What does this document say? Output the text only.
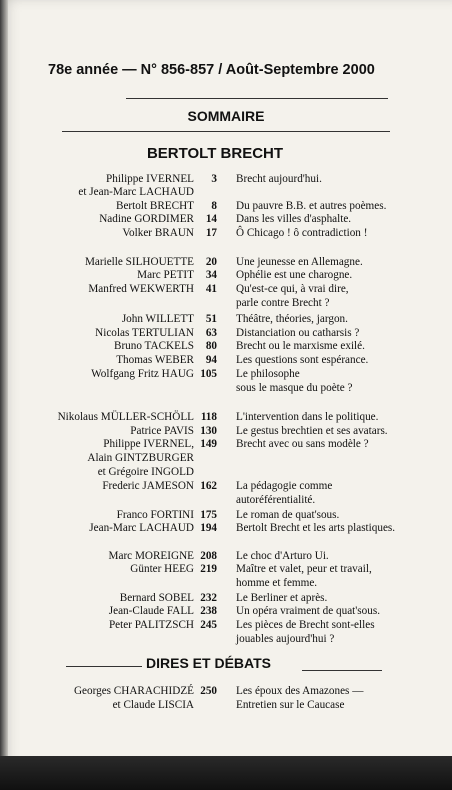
78e année — N° 856-857 / Août-Septembre 2000
SOMMAIRE
BERTOLT BRECHT
Philippe IVERNEL	3 Brecht aujourd'hui.
et Jean-Marc LACHAUD
Bertolt BRECHT	8 Du pauvre B.B. et autres poèmes.
Nadine GORDIMER	14 Dans les villes d'asphalte.
Volker BRAUN	17 Ô Chicago ! ô contradiction !
Marielle SILHOUETTE	20 Une jeunesse en Allemagne.
Marc PETIT	34 Ophélie est une charogne.
Manfred WEKWERTH	41 Qu'est-ce qui, à vrai dire,
parle contre Brecht ?
John WILLETT	51 Théâtre, théories, jargon.
Nicolas TERTULIAN	63 Distanciation ou catharsis ?
Bruno TACKELS	80 Brecht ou le marxisme exilé.
Thomas WEBER	94 Les questions sont espérance.
Wolfgang Fritz HAUG 105 Le philosophe
sous le masque du poète ?
Nikolaus MÜLLER-SCHÖLL 118 L'intervention dans le politique.
Patrice PAVIS 130 Le gestus brechtien et ses avatars.
Philippe IVERNEL, 149 Brecht avec ou sans modèle ?
Alain GINTZBURGER
et Grégoire INGOLD
Frederic JAMESON 162 La pédagogie comme
autoréférentialité.
Franco FORTINI 175 Le roman de quat'sous.
Jean-Marc LACHAUD 194 Bertolt Brecht et les arts plastiques.
Marc MOREIGNE 208 Le choc d'Arturo Ui.
Günter HEEG 219 Maître et valet, peur et travail,
homme et femme.
Bernard SOBEL 232 Le Berliner et après.
Jean-Claude FALL 238 Un opéra vraiment de quat'sous.
Peter PALITZSCH 245 Les pièces de Brecht sont-elles
jouables aujourd'hui ?
Georges CHARACHIDZÉ 250 Les époux des Amazones —
et Claude LISCIA	Entretien sur le Caucase
DIRES ET DÉBATS
